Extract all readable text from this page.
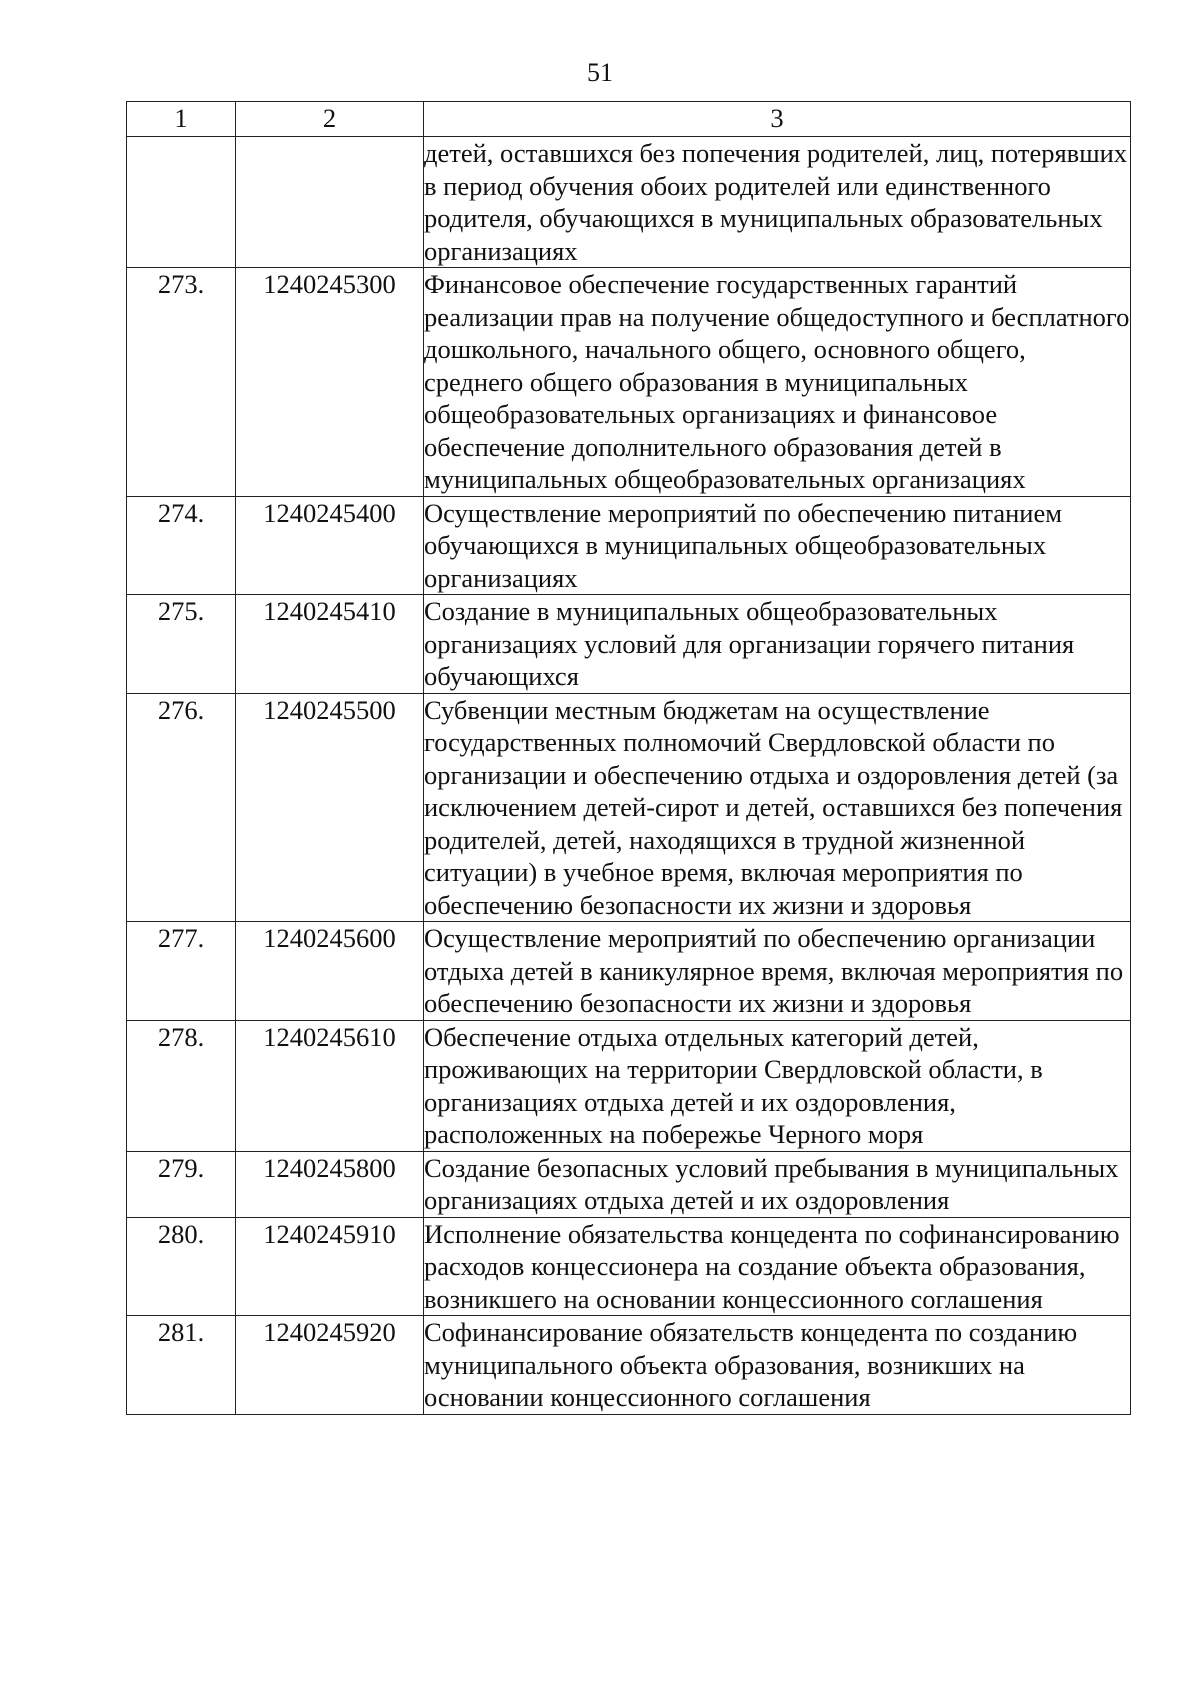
51
1	2	3
		детей, оставшихся без попечения родителей, лиц, потерявших в период обучения обоих родителей или единственного родителя, обучающихся в муниципальных образовательных организациях
273.	1240245300	Финансовое обеспечение государственных гарантий реализации прав на получение общедоступного и бесплатного дошкольного, начального общего, основного общего, среднего общего образования в муниципальных общеобразовательных организациях и финансовое обеспечение дополнительного образования детей в муниципальных общеобразовательных организациях
274.	1240245400	Осуществление мероприятий по обеспечению питанием обучающихся в муниципальных общеобразовательных организациях
275.	1240245410	Создание в муниципальных общеобразовательных организациях условий для организации горячего питания обучающихся
276.	1240245500	Субвенции местным бюджетам на осуществление государственных полномочий Свердловской области по организации и обеспечению отдыха и оздоровления детей (за исключением детей-сирот и детей, оставшихся без попечения родителей, детей, находящихся в трудной жизненной ситуации) в учебное время, включая мероприятия по обеспечению безопасности их жизни и здоровья
277.	1240245600	Осуществление мероприятий по обеспечению организации отдыха детей в каникулярное время, включая мероприятия по обеспечению безопасности их жизни и здоровья
278.	1240245610	Обеспечение отдыха отдельных категорий детей, проживающих на территории Свердловской области, в организациях отдыха детей и их оздоровления, расположенных на побережье Черного моря
279.	1240245800	Создание безопасных условий пребывания в муниципальных организациях отдыха детей и их оздоровления
280.	1240245910	Исполнение обязательства концедента по софинансированию расходов концессионера на создание объекта образования, возникшего на основании концессионного соглашения
281.	1240245920	Софинансирование обязательств концедента по созданию муниципального объекта образования, возникших на основании концессионного соглашения
